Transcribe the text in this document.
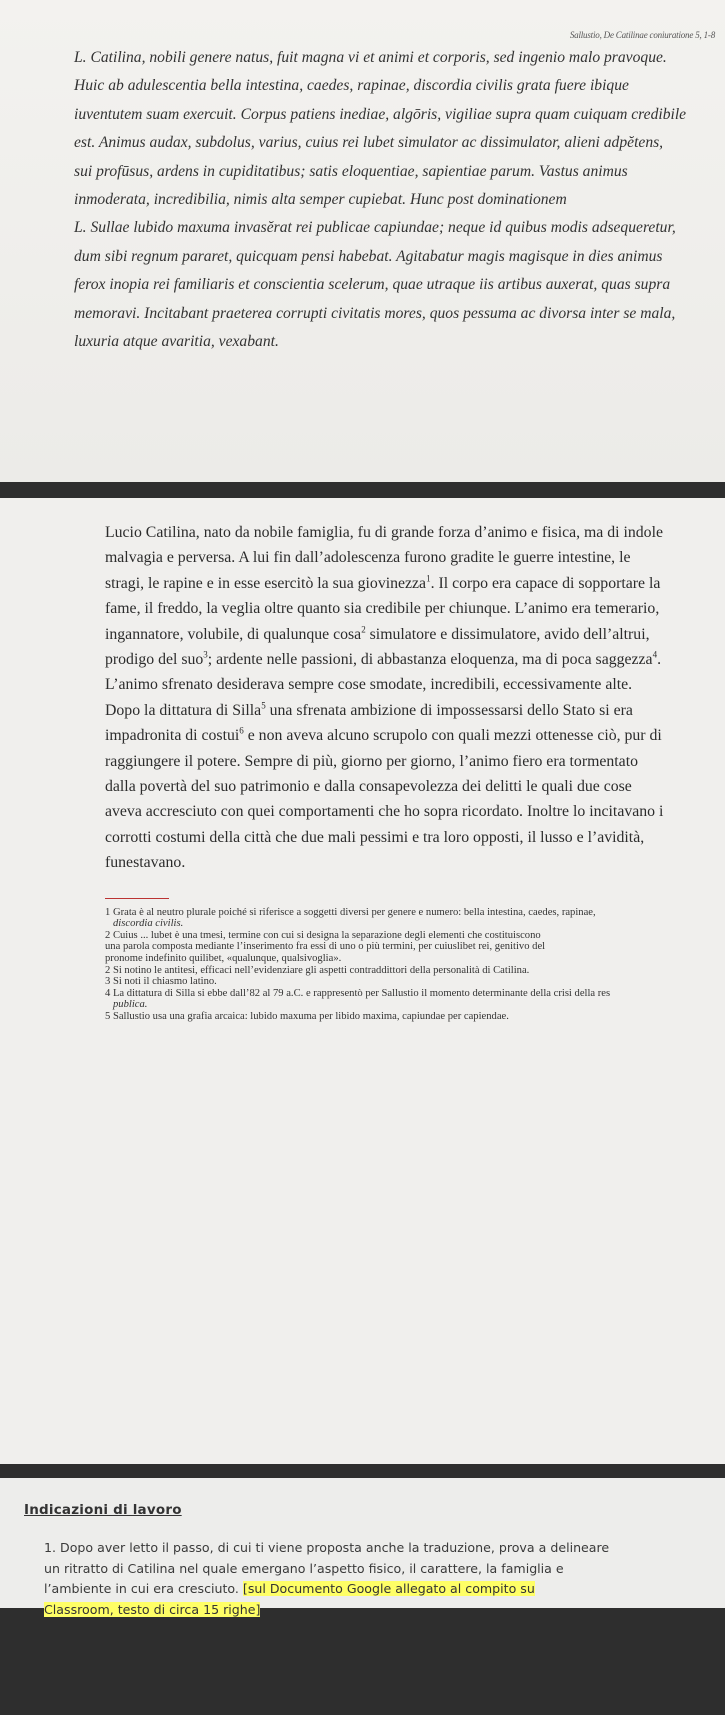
Sallustio, De Catilinae coniuratione 5, 1-8
L. Catilina, nobili genere natus, fuit magna vi et animi et corporis, sed ingenio malo pravoque.
Huic ab adulescentia bella intestina, caedes, rapinae, discordia civilis grata fuere ibique
iuventutem suam exercuit. Corpus patiens inediae, algōris, vigiliae supra quam cuiquam credibile
est. Animus audax, subdolus, varius, cuius rei lubet simulator ac dissimulator, alieni adpĕtens,
sui profūsus, ardens in cupiditatibus; satis eloquentiae, sapientiae parum. Vastus animus
inmoderata, incredibilia, nimis alta semper cupiebat. Hunc post dominationem
L. Sullae lubido maxuma invasĕrat rei publicae capiundae; neque id quibus modis adsequeretur,
dum sibi regnum pararet, quicquam pensi habebat. Agitabatur magis magisque in dies animus
ferox inopia rei familiaris et conscientia scelerum, quae utraque iis artibus auxerat, quas supra
memoravi. Incitabant praeterea corrupti civitatis mores, quos pessuma ac divorsa inter se mala,
luxuria atque avaritia, vexabant.
Lucio Catilina, nato da nobile famiglia, fu di grande forza d’animo e fisica, ma di indole
malvagia e perversa. A lui fin dall’adolescenza furono gradite le guerre intestine, le
stragi, le rapine e in esse esercitò la sua giovinezza$^1$. Il corpo era capace di sopportare la
fame, il freddo, la veglia oltre quanto sia credibile per chiunque. L’animo era temerario,
ingannatore, volubile, di qualunque cosa$^2$ simulatore e dissimulatore, avido dell’altrui,
prodigo del suo$^3$; ardente nelle passioni, di abbastanza eloquenza, ma di poca saggezza$^4$.
L’animo sfrenato desiderava sempre cose smodate, incredibili, eccessivamente alte.
Dopo la dittatura di Silla$^5$ una sfrenata ambizione di impossessarsi dello Stato si era
impadronita di costui$^6$ e non aveva alcuno scrupolo con quali mezzi ottenesse ciò, pur di
raggiungere il potere. Sempre di più, giorno per giorno, l’animo fiero era tormentato
dalla povertà del suo patrimonio e dalla consapevolezza dei delitti le quali due cose
aveva accresciuto con quei comportamenti che ho sopra ricordato. Inoltre lo incitavano i
corrotti costumi della città che due mali pessimi e tra loro opposti, il lusso e l’avidità,
funestavano.
1 Grata è al neutro plurale poiché si riferisce a soggetti diversi per genere e numero: bella intestina, caedes, rapinae,
discordia civilis.
2 Cuius ... lubet è una tmesi, termine con cui si designa la separazione degli elementi che costituiscono
una parola composta mediante l’inserimento fra essi di uno o più termini, per cuiuslibet rei, genitivo del
pronome indefinito quilibet, «qualunque, qualsivoglia».
2 Si notino le antitesi, efficaci nell’evidenziare gli aspetti contraddittori della personalità di Catilina.
3 Si noti il chiasmo latino.
4 La dittatura di Silla si ebbe dall’82 al 79 a.C. e rappresentò per Sallustio il momento determinante della crisi della res
publica.
5 Sallustio usa una grafia arcaica: lubido maxuma per libido maxima, capiundae per capiendae.
Indicazioni di lavoro
1. Dopo aver letto il passo, di cui ti viene proposta anche la traduzione, prova a delineare
un ritratto di Catilina nel quale emergano l’aspetto fisico, il carattere, la famiglia e
l’ambiente in cui era cresciuto. [sul Documento Google allegato al compito su
Classroom, testo di circa 15 righe]
